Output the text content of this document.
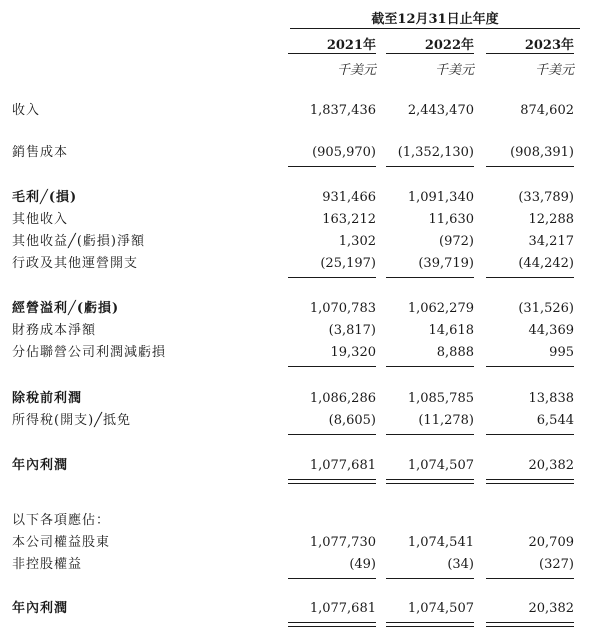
截至12月31日止年度
2021年	2022年	2023年
千美元	千美元	千美元
收入	1,837,436	2,443,470	874,602
銷售成本	(905,970)	(1,352,130)	(908,391)
毛利╱(損)	931,466	1,091,340	(33,789)
其他收入	163,212	11,630	12,288
其他收益╱(虧損)淨額	1,302	(972)	34,217
行政及其他運營開支	(25,197)	(39,719)	(44,242)
經營溢利╱(虧損)	1,070,783	1,062,279	(31,526)
財務成本淨額	(3,817)	14,618	44,369
分佔聯營公司利潤減虧損	19,320	8,888	995
除稅前利潤	1,086,286	1,085,785	13,838
所得稅(開支)╱抵免	(8,605)	(11,278)	6,544
年內利潤	1,077,681	1,074,507	20,382
以下各項應佔：
本公司權益股東	1,077,730	1,074,541	20,709
非控股權益	(49)	(34)	(327)
年內利潤	1,077,681	1,074,507	20,382
